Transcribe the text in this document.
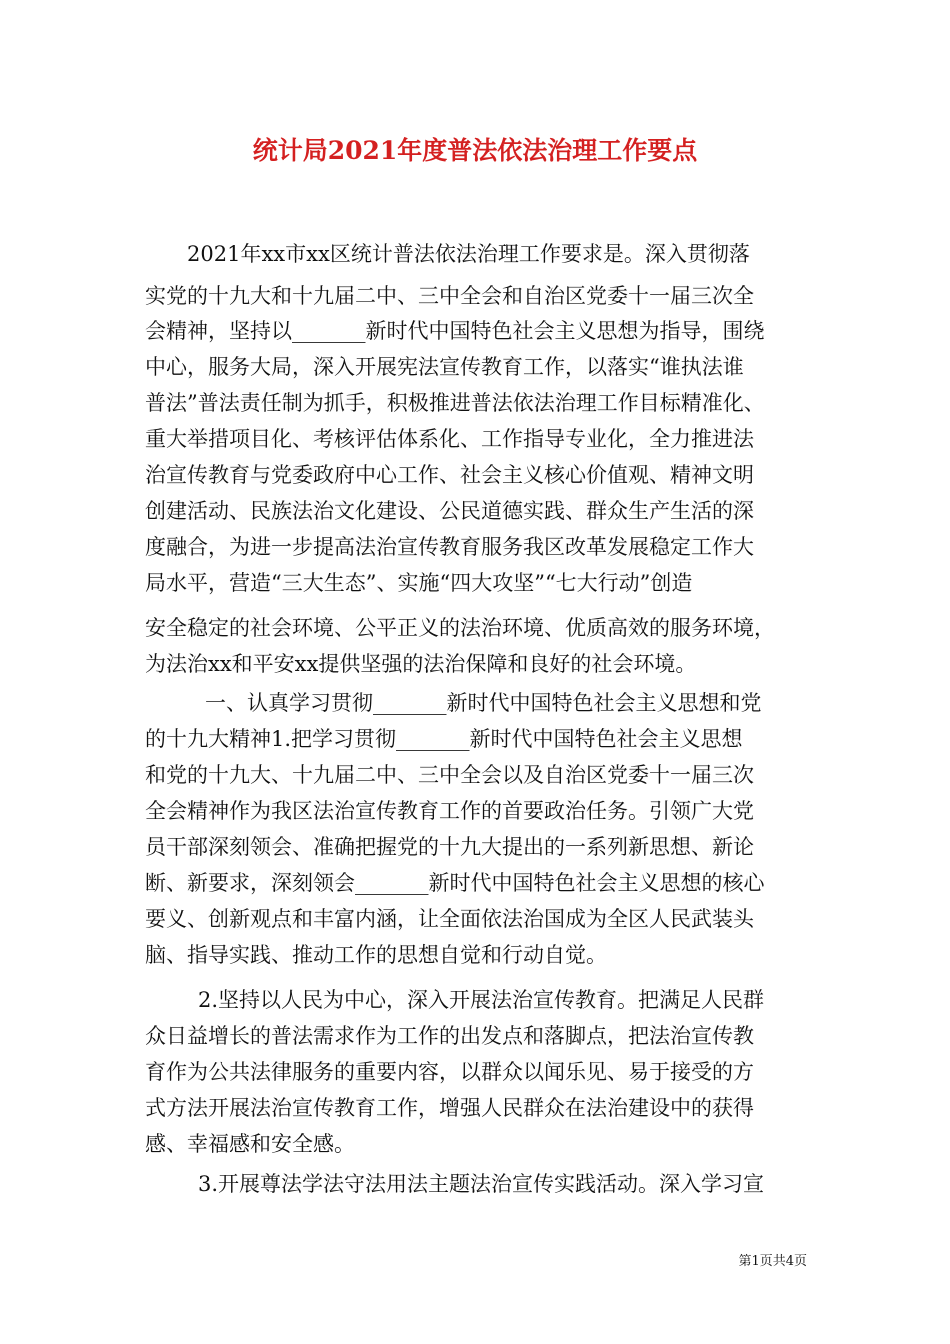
统计局2021年度普法依法治理工作要点
2021年xx市xx区统计普法依法治理工作要求是。深入贯彻落
实党的十九大和十九届二中、三中全会和自治区党委十一届三次全
会精神，坚持以_______新时代中国特色社会主义思想为指导，围绕
中心，服务大局，深入开展宪法宣传教育工作，以落实“谁执法谁
普法”普法责任制为抓手，积极推进普法依法治理工作目标精准化、
重大举措项目化、考核评估体系化、工作指导专业化，全力推进法
治宣传教育与党委政府中心工作、社会主义核心价值观、精神文明
创建活动、民族法治文化建设、公民道德实践、群众生产生活的深
度融合，为进一步提高法治宣传教育服务我区改革发展稳定工作大
局水平，营造“三大生态”、实施“四大攻坚”“七大行动”创造
安全稳定的社会环境、公平正义的法治环境、优质高效的服务环境，
为法治xx和平安xx提供坚强的法治保障和良好的社会环境。
一、认真学习贯彻_______新时代中国特色社会主义思想和党
的十九大精神1.把学习贯彻_______新时代中国特色社会主义思想
和党的十九大、十九届二中、三中全会以及自治区党委十一届三次
全会精神作为我区法治宣传教育工作的首要政治任务。引领广大党
员干部深刻领会、准确把握党的十九大提出的一系列新思想、新论
断、新要求，深刻领会_______新时代中国特色社会主义思想的核心
要义、创新观点和丰富内涵，让全面依法治国成为全区人民武装头
脑、指导实践、推动工作的思想自觉和行动自觉。
2.坚持以人民为中心，深入开展法治宣传教育。把满足人民群
众日益增长的普法需求作为工作的出发点和落脚点，把法治宣传教
育作为公共法律服务的重要内容，以群众以闻乐见、易于接受的方
式方法开展法治宣传教育工作，增强人民群众在法治建设中的获得
感、幸福感和安全感。
3.开展尊法学法守法用法主题法治宣传实践活动。深入学习宣
第1页共4页
